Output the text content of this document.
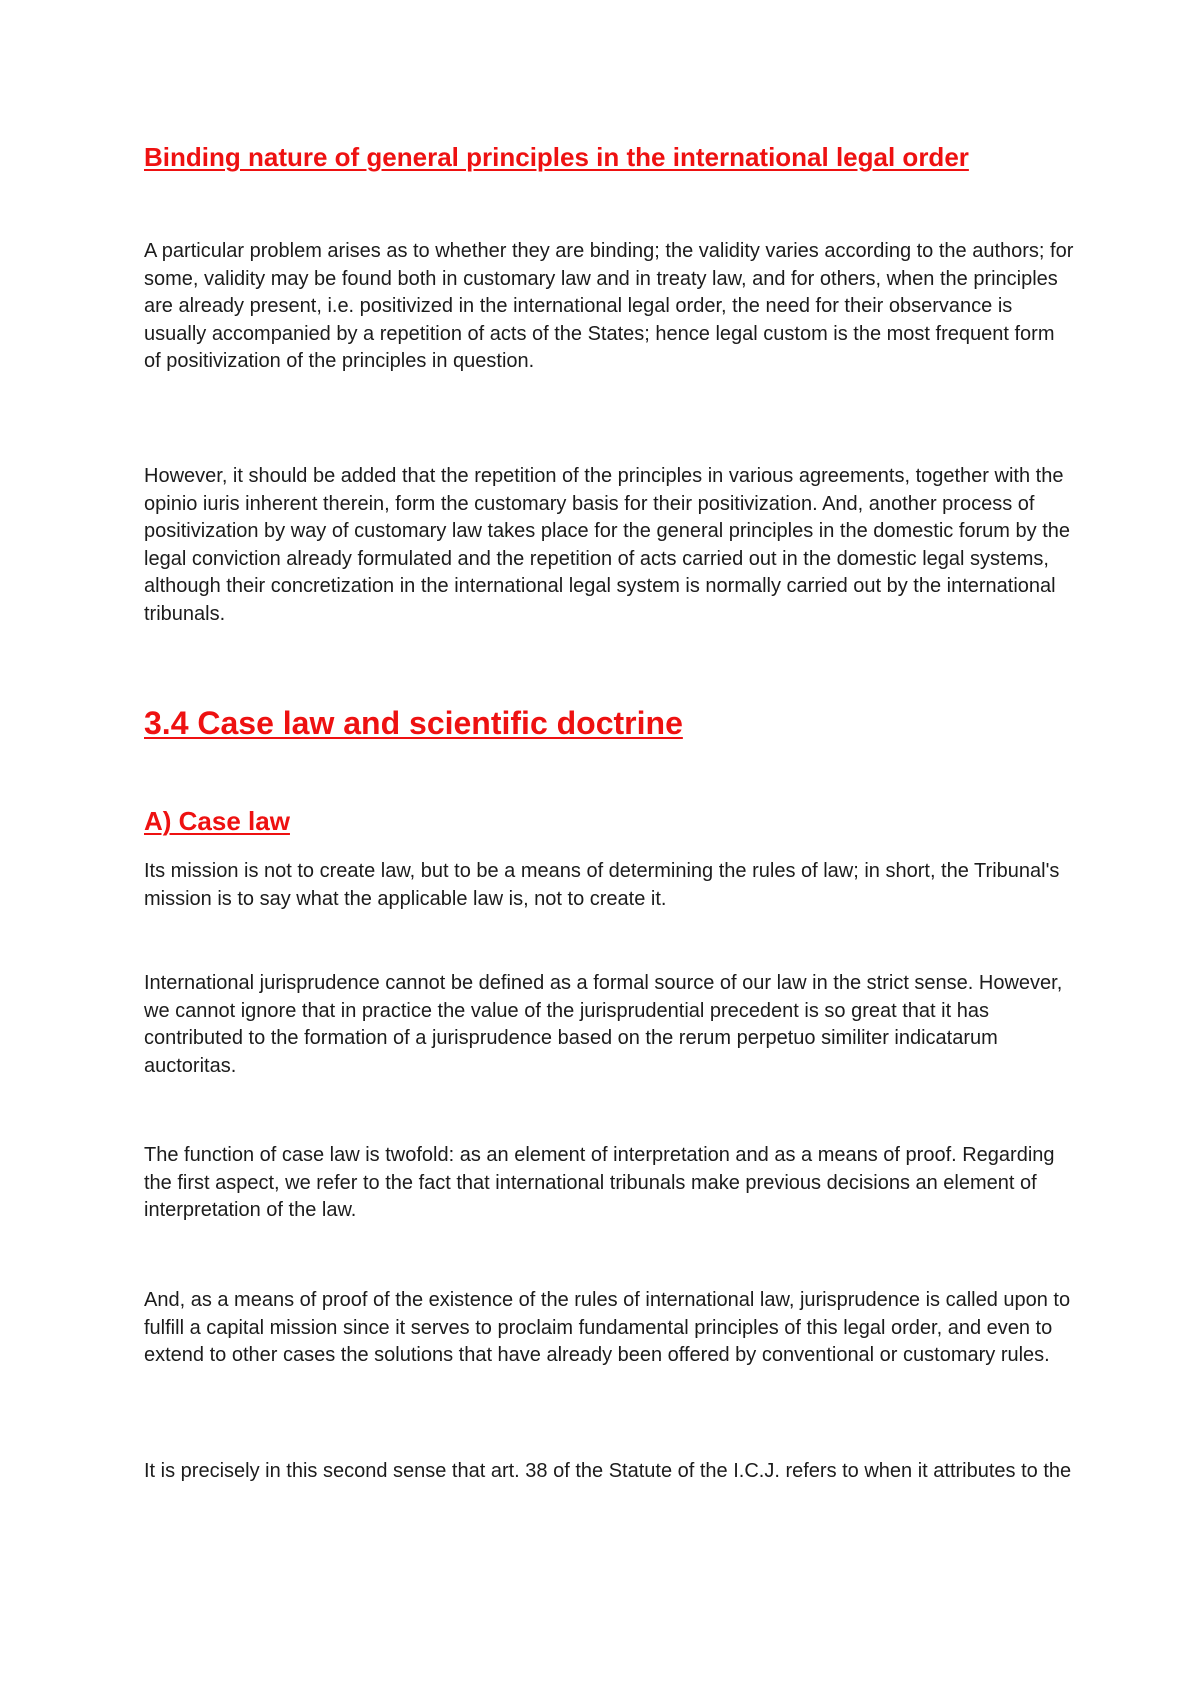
Binding nature of general principles in the international legal order

A particular problem arises as to whether they are binding; the validity varies according to the authors; for some, validity may be found both in customary law and in treaty law, and for others, when the principles are already present, i.e. positivized in the international legal order, the need for their observance is usually accompanied by a repetition of acts of the States; hence legal custom is the most frequent form of positivization of the principles in question.

However, it should be added that the repetition of the principles in various agreements, together with the opinio iuris inherent therein, form the customary basis for their positivization. And, another process of positivization by way of customary law takes place for the general principles in the domestic forum by the legal conviction already formulated and the repetition of acts carried out in the domestic legal systems, although their concretization in the international legal system is normally carried out by the international tribunals.

3.4 Case law and scientific doctrine
A) Case law

Its mission is not to create law, but to be a means of determining the rules of law; in short, the Tribunal's mission is to say what the applicable law is, not to create it.

International jurisprudence cannot be defined as a formal source of our law in the strict sense. However, we cannot ignore that in practice the value of the jurisprudential precedent is so great that it has contributed to the formation of a jurisprudence based on the rerum perpetuo similiter indicatarum auctoritas.

The function of case law is twofold: as an element of interpretation and as a means of proof. Regarding the first aspect, we refer to the fact that international tribunals make previous decisions an element of interpretation of the law.

And, as a means of proof of the existence of the rules of international law, jurisprudence is called upon to fulfill a capital mission since it serves to proclaim fundamental principles of this legal order, and even to extend to other cases the solutions that have already been offered by conventional or customary rules.

It is precisely in this second sense that art. 38 of the Statute of the I.C.J. refers to when it attributes to the
